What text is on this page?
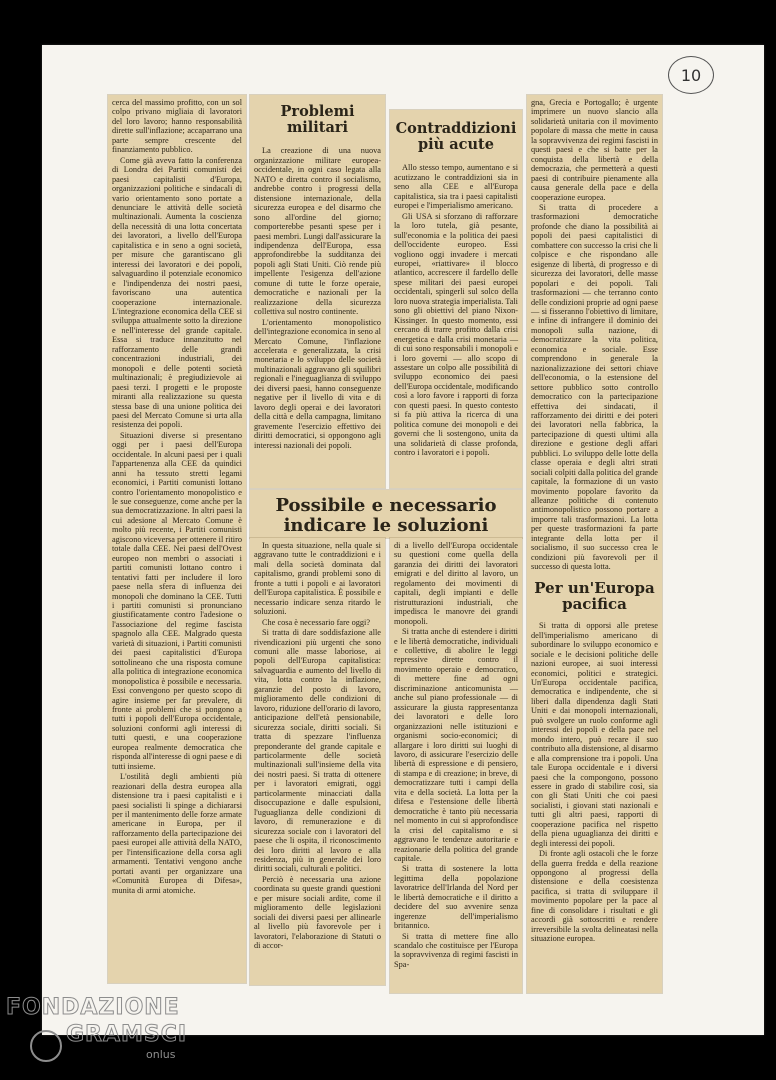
10

cerca del massimo profitto, con un sol colpo privano migliaia di lavoratori del loro lavoro; hanno responsabilità dirette sull'inflazione; accaparrano una parte sempre crescente del finanziamento pubblico.

Come già aveva fatto la conferenza di Londra dei Partiti comunisti dei paesi capitalisti d'Europa, organizzazioni politiche e sindacali di vario orientamento sono portate a denunciare le attività delle società multinazionali. Aumenta la coscienza della necessità di una lotta concertata dei lavoratori, a livello dell'Europa capitalistica e in seno a ogni società, per misure che garantiscano gli interessi dei lavoratori e dei popoli, salvaguardino il potenziale economico e l'indipendenza dei nostri paesi, favoriscano una autentica cooperazione internazionale. L'integrazione economica della CEE si sviluppa attualmente sotto la direzione e nell'interesse del grande capitale. Essa si traduce innanzitutto nel rafforzamento delle grandi concentrazioni industriali, dei monopoli e delle potenti società multinazionali; è pregiudizievole ai paesi terzi. I progetti e le proposte miranti alla realizzazione su questa stessa base di una unione politica dei paesi del Mercato Comune si urta alla resistenza dei popoli.

Situazioni diverse si presentano oggi per i paesi dell'Europa occidentale. In alcuni paesi per i quali l'appartenenza alla CEE da quindici anni ha tessuto stretti legami economici, i Partiti comunisti lottano contro l'orientamento monopolistico e le sue conseguenze, come anche per la sua democratizzazione. In altri paesi la cui adesione al Mercato Comune è molto più recente, i Partiti comunisti agiscono viceversa per ottenere il ritiro totale dalla CEE. Nei paesi dell'Ovest europeo non membri o associati i partiti comunisti lottano contro i tentativi fatti per includere il loro paese nella sfera di influenza dei monopoli che dominano la CEE. Tutti i partiti comunisti si pronunciano giustificatamente contro l'adesione o l'associazione del regime fascista spagnolo alla CEE. Malgrado questa varietà di situazioni, i Partiti comunisti dei paesi capitalistici d'Europa sottolineano che una risposta comune alla politica di integrazione economica monopolistica è possibile e necessaria. Essi convengono per questo scopo di agire insieme per far prevalere, di fronte ai problemi che si pongono a tutti i popoli dell'Europa occidentale, soluzioni conformi agli interessi di tutti questi, e una cooperazione europea realmente democratica che risponda all'interesse di ogni paese e di tutti insieme.

L'ostilità degli ambienti più reazionari della destra europea alla distensione tra i paesi capitalisti e i paesi socialisti li spinge a dichiararsi per il mantenimento delle forze armate americane in Europa, per il rafforzamento della partecipazione dei paesi europei alle attività della NATO, per l'intensificazione della corsa agli armamenti. Tentativi vengono anche portati avanti per organizzare una «Comunità Europea di Difesa», munita di armi atomiche.

Problemi militari

La creazione di una nuova organizzazione militare europea-occidentale, in ogni caso legata alla NATO e diretta contro il socialismo, andrebbe contro i progressi della distensione internazionale, della sicurezza europea e del disarmo che sono all'ordine del giorno; comporterebbe pesanti spese per i paesi membri. Lungi dall'assicurare la indipendenza dell'Europa, essa approfondirebbe la sudditanza dei popoli agli Stati Uniti. Ciò rende più impellente l'esigenza dell'azione comune di tutte le forze operaie, democratiche e nazionali per la realizzazione della sicurezza collettiva sul nostro continente.

L'orientamento monopolistico dell'integrazione economica in seno al Mercato Comune, l'inflazione accelerata e generalizzata, la crisi monetaria e lo sviluppo delle società multinazionali aggravano gli squilibri regionali e l'ineguaglianza di sviluppo dei diversi paesi, hanno conseguenze negative per il livello di vita e di lavoro degli operai e dei lavoratori della città e della campagna, limitano gravemente l'esercizio effettivo dei diritti democratici, si oppongono agli interessi nazionali dei popoli.

Contraddizioni più acute

Allo stesso tempo, aumentano e si acutizzano le contraddizioni sia in seno alla CEE e all'Europa capitalistica, sia tra i paesi capitalisti europei e l'imperialismo americano.

Gli USA si sforzano di rafforzare la loro tutela, già pesante, sull'economia e la politica dei paesi dell'occidente europeo. Essi vogliono oggi invadere i mercati europei, «riattivare» il blocco atlantico, accrescere il fardello delle spese militari dei paesi europei occidentali, spingerli sul solco della loro nuova strategia imperialista. Tali sono gli obiettivi del piano Nixon-Kissinger. In questo momento, essi cercano di trarre profitto dalla crisi energetica e dalla crisi monetaria — di cui sono responsabili i monopoli e i loro governi — allo scopo di assestare un colpo alle possibilità di sviluppo economico dei paesi dell'Europa occidentale, modificando così a loro favore i rapporti di forza con questi paesi. In questo contesto si fa più attiva la ricerca di una politica comune dei monopoli e dei governi che li sostengono, unita da una solidarietà di classe profonda, contro i lavoratori e i popoli.

gna, Grecia e Portogallo; è urgente imprimere un nuovo slancio alla solidarietà unitaria con il movimento popolare di massa che mette in causa la sopravvivenza dei regimi fascisti in questi paesi e che si batte per la conquista della libertà e della democrazia, che permetterà a questi paesi di contribuire pienamente alla causa generale della pace e della cooperazione europea.

Si tratta di procedere a trasformazioni democratiche profonde che diano la possibilità ai popoli dei paesi capitalistici di combattere con successo la crisi che li colpisce e che rispondano alle esigenze di libertà, di progresso e di sicurezza dei lavoratori, delle masse popolari e dei popoli. Tali trasformazioni — che terranno conto delle condizioni proprie ad ogni paese — si fisseranno l'obiettivo di limitare, e infine di infrangere il dominio dei monopoli sulla nazione, di democratizzare la vita politica, economica e sociale. Esse comprendono in generale la nazionalizzazione dei settori chiave dell'economia, o la estensione del settore pubblico sotto controllo democratico con la partecipazione effettiva dei sindacati, il rafforzamento dei diritti e dei poteri dei lavoratori nella fabbrica, la partecipazione di questi ultimi alla direzione e gestione degli affari pubblici. Lo sviluppo delle lotte della classe operaia e degli altri strati sociali colpiti dalla politica del grande capitale, la formazione di un vasto movimento popolare favorito da alleanze politiche di contenuto antimonopolistico possono portare a imporre tali trasformazioni. La lotta per queste trasformazioni fa parte integrante della lotta per il socialismo, il suo successo crea le condizioni più favorevoli per il successo di questa lotta.

Per un'Europa pacifica

Si tratta di opporsi alle pretese dell'imperialismo americano di subordinare lo sviluppo economico e sociale e le decisioni politiche delle nazioni europee, ai suoi interessi economici, politici e strategici. Un'Europa occidentale pacifica, democratica e indipendente, che si liberi dalla dipendenza dagli Stati Uniti e dai monopoli internazionali, può svolgere un ruolo conforme agli interessi dei popoli e della pace nel mondo intero, può recare il suo contributo alla distensione, al disarmo e alla comprensione tra i popoli. Una tale Europa occidentale e i diversi paesi che la compongono, possono essere in grado di stabilire così, sia con gli Stati Uniti che coi paesi socialisti, i giovani stati nazionali e tutti gli altri paesi, rapporti di cooperazione pacifica nel rispetto della piena uguaglianza dei diritti e degli interessi dei popoli.

Di fronte agli ostacoli che le forze della guerra fredda e della reazione oppongono al progressi della distensione e della coesistenza pacifica, si tratta di sviluppare il movimento popolare per la pace al fine di consolidare i risultati e gli accordi già sottoscritti e rendere irreversibile la svolta delineatasi nella situazione europea.

Possibile e necessario
indicare le soluzioni

In questa situazione, nella quale si aggravano tutte le contraddizioni e i mali della società dominata dal capitalismo, grandi problemi sono di fronte a tutti i popoli e ai lavoratori dell'Europa capitalistica. È possibile e necessario indicare senza ritardo le soluzioni.

Che cosa è necessario fare oggi?

Si tratta di dare soddisfazione alle rivendicazioni più urgenti che sono comuni alle masse laboriose, ai popoli dell'Europa capitalistica: salvaguardia e aumento del livello di vita, lotta contro la inflazione, garanzie del posto di lavoro, miglioramento delle condizioni di lavoro, riduzione dell'orario di lavoro, anticipazione dell'età pensionabile, sicurezza sociale, diritti sociali. Si tratta di spezzare l'influenza preponderante del grande capitale e particolarmente delle società multinazionali sull'insieme della vita dei nostri paesi. Si tratta di ottenere per i lavoratori emigrati, oggi particolarmente minacciati dalla disoccupazione e dalle espulsioni, l'uguaglianza delle condizioni di lavoro, di remunerazione e di sicurezza sociale con i lavoratori del paese che li ospita, il riconoscimento dei loro diritti al lavoro e alla residenza, più in generale dei loro diritti sociali, culturali e politici.

Perciò è necessaria una azione coordinata su queste grandi questioni e per misure sociali ardite, come il miglioramento delle legislazioni sociali dei diversi paesi per allinearle al livello più favorevole per i lavoratori, l'elaborazione di Statuti o di accor-

di a livello dell'Europa occidentale su questioni come quella della garanzia dei diritti dei lavoratori emigrati e del diritto al lavoro, un regolamento dei movimenti di capitali, degli impianti e delle ristrutturazioni industriali, che impedisca le manovre dei grandi monopoli.

Si tratta anche di estendere i diritti e le libertà democratiche, individuali e collettive, di abolire le leggi repressive dirette contro il movimento operaio e democratico, di mettere fine ad ogni discriminazione anticomunista — anche sul piano professionale — di assicurare la giusta rappresentanza dei lavoratori e delle loro organizzazioni nelle istituzioni e organismi socio-economici; di allargare i loro diritti sui luoghi di lavoro, di assicurare l'esercizio delle libertà di espressione e di pensiero, di stampa e di creazione; in breve, di democratizzare tutti i campi della vita e della società. La lotta per la difesa e l'estensione delle libertà democratiche è tanto più necessaria nel momento in cui si approfondisce la crisi del capitalismo e si aggravano le tendenze autoritarie e reazionarie della politica del grande capitale.

Si tratta di sostenere la lotta legittima della popolazione lavoratrice dell'Irlanda del Nord per le libertà democratiche e il diritto a decidere del suo avvenire senza ingerenze dell'imperialismo britannico.

Si tratta di mettere fine allo scandalo che costituisce per l'Europa la sopravvivenza di regimi fascisti in Spa-

FONDAZIONE
GRAMSCI
onlus
